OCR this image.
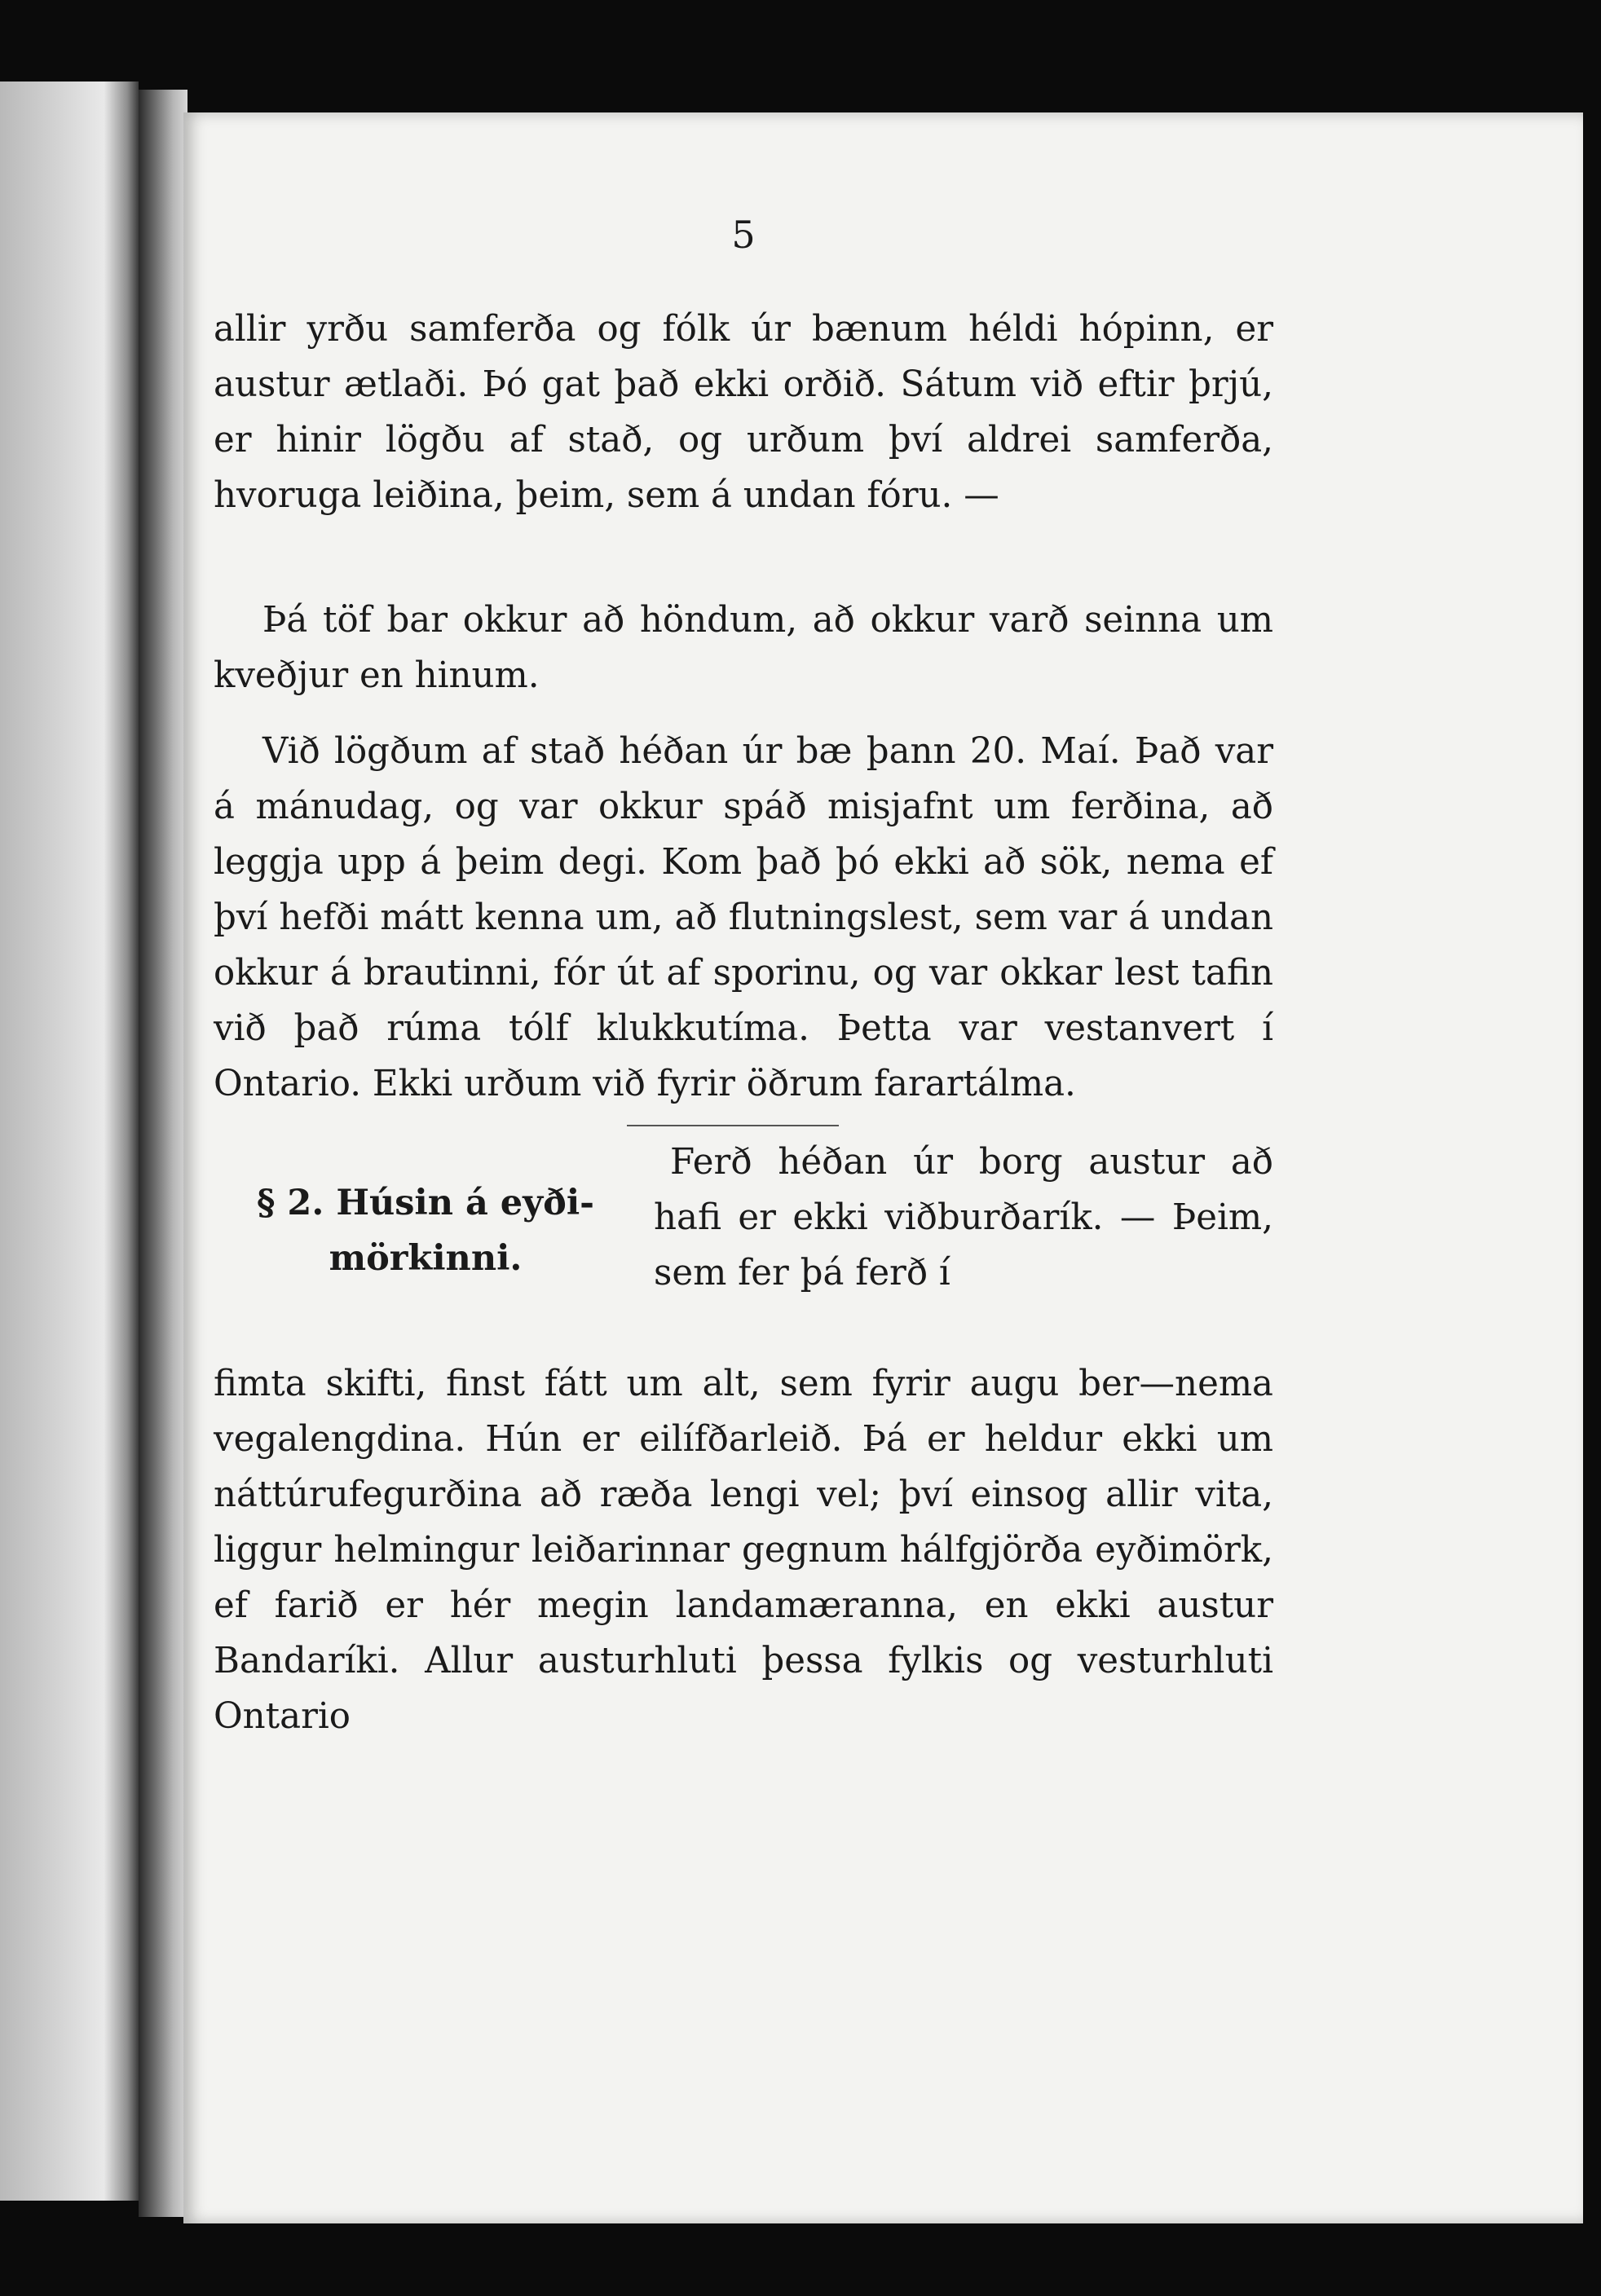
5

allir yrðu samferða og fólk úr bænum héldi hópinn, er austur ætlaði. Þó gat það ekki orðið. Sátum við eftir þrjú, er hinir lögðu af stað, og urðum því aldrei samferða, hvoruga leiðina, þeim, sem á undan fóru. —

Þá töf bar okkur að höndum, að okkur varð seinna um kveðjur en hinum.

Við lögðum af stað héðan úr bæ þann 20. Maí. Það var á mánudag, og var okkur spáð misjafnt um ferðina, að leggja upp á þeim degi. Kom það þó ekki að sök, nema ef því hefði mátt kenna um, að flutningslest, sem var á undan okkur á brautinni, fór út af sporinu, og var okkar lest tafin við það rúma tólf klukkutíma. Þetta var vestanvert í Ontario. Ekki urðum við fyrir öðrum farartálma.

§ 2. Húsin á eyði-
mörkinni.

Ferð héðan úr borg austur að hafi er ekki viðburðarík. — Þeim, sem fer þá ferð í

fimta skifti, finst fátt um alt, sem fyrir augu ber—nema vegalengdina. Hún er eilífðarleið. Þá er heldur ekki um náttúrufegurðina að ræða lengi vel; því einsog allir vita, liggur helmingur leiðarinnar gegnum hálfgjörða eyðimörk, ef farið er hér megin landamæranna, en ekki austur Bandaríki. Allur austurhluti þessa fylkis og vesturhluti Ontario
